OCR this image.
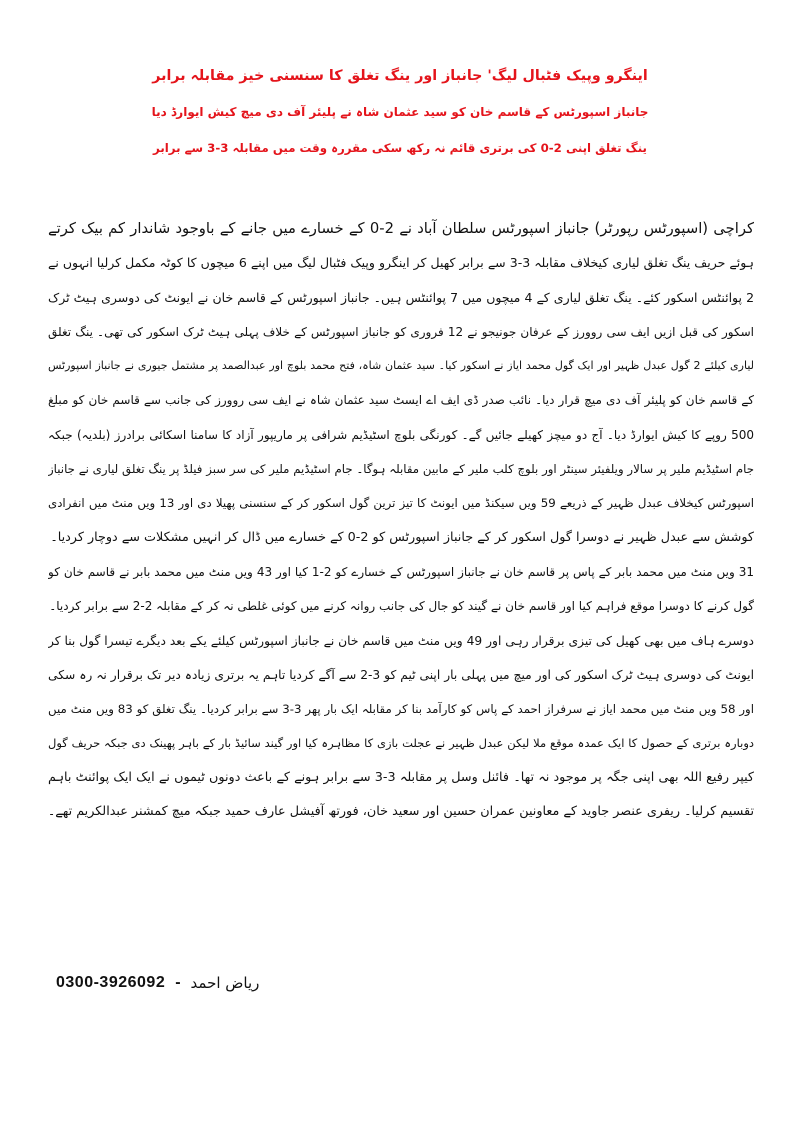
اینگرو وپیک فٹبال لیگ' جانباز اور ینگ تغلق کا سنسنی خیز مقابلہ برابر
جانباز اسپورٹس کے قاسم خان کو سید عثمان شاہ نے پلیئر آف دی میچ کیش ایوارڈ دیا
ینگ تغلق اپنی 2-0 کی برتری قائم نہ رکھ سکی مقررہ وقت میں مقابلہ 3-3 سے برابر
کراچی (اسپورٹس رپورٹر) جانباز اسپورٹس سلطان آباد نے 2-0 کے خسارے میں جانے کے باوجود شاندار کم بیک کرتے
ہوئے حریف ینگ تغلق لیاری کیخلاف مقابلہ 3-3 سے برابر کھیل کر اینگرو وپیک فٹبال لیگ میں اپنے 6 میچوں کا کوٹہ مکمل کرلیا انہوں نے
2 پوائنٹس اسکور کئے۔ ینگ تغلق لیاری کے 4 میچوں میں 7 پوائنٹس ہیں۔ جانباز اسپورٹس کے قاسم خان نے ایونٹ کی دوسری ہیٹ ٹرک
اسکور کی قبل ازیں ایف سی روورز کے عرفان جونیجو نے 12 فروری کو جانباز اسپورٹس کے خلاف پہلی ہیٹ ٹرک اسکور کی تھی۔ ینگ تغلق
لیاری کیلئے 2 گول عبدل ظہیر اور ایک گول محمد ایاز نے اسکور کیا۔ سید عثمان شاہ، فتح محمد بلوچ اور عبدالصمد پر مشتمل جیوری نے جانباز اسپورٹس
کے قاسم خان کو پلیئر آف دی میچ قرار دیا۔ نائب صدر ڈی ایف اے ایسٹ سید عثمان شاہ نے ایف سی روورز کی جانب سے قاسم خان کو مبلغ
500 روپے کا کیش ایوارڈ دیا۔ آج دو میچز کھیلے جائیں گے۔ کورنگی بلوچ اسٹیڈیم شرافی پر ماریپور آزاد کا سامنا اسکائی برادرز (بلدیہ) جبکہ
جام اسٹیڈیم ملیر پر سالار ویلفیئر سینٹر اور بلوچ کلب ملیر کے مابین مقابلہ ہوگا۔ جام اسٹیڈیم ملیر کی سر سبز فیلڈ پر ینگ تغلق لیاری نے جانباز
اسپورٹس کیخلاف عبدل ظہیر کے ذریعے 59 ویں سیکنڈ میں ایونٹ کا تیز ترین گول اسکور کر کے سنسنی پھیلا دی اور 13 ویں منٹ میں انفرادی
کوشش سے عبدل ظہیر نے دوسرا گول اسکور کر کے جانباز اسپورٹس کو 2-0 کے خسارے میں ڈال کر انہیں مشکلات سے دوچار کردیا۔
31 ویں منٹ میں محمد بابر کے پاس پر قاسم خان نے جانباز اسپورٹس کے خسارے کو 2-1 کیا اور 43 ویں منٹ میں محمد بابر نے قاسم خان کو
گول کرنے کا دوسرا موقع فراہم کیا اور قاسم خان نے گیند کو جال کی جانب روانہ کرنے میں کوئی غلطی نہ کر کے مقابلہ 2-2 سے برابر کردیا۔
دوسرے ہاف میں بھی کھیل کی تیزی برقرار رہی اور 49 ویں منٹ میں قاسم خان نے جانباز اسپورٹس کیلئے یکے بعد دیگرے تیسرا گول بنا کر
ایونٹ کی دوسری ہیٹ ٹرک اسکور کی اور میچ میں پہلی بار اپنی ٹیم کو 3-2 سے آگے کردیا تاہم یہ برتری زیادہ دیر تک برقرار نہ رہ سکی
اور 58 ویں منٹ میں محمد ایاز نے سرفراز احمد کے پاس کو کارآمد بنا کر مقابلہ ایک بار پھر 3-3 سے برابر کردیا۔ ینگ تغلق کو 83 ویں منٹ میں
دوبارہ برتری کے حصول کا ایک عمدہ موقع ملا لیکن عبدل ظہیر نے عجلت بازی کا مظاہرہ کیا اور گیند سائیڈ بار کے باہر پھینک دی جبکہ حریف گول
کیپر رفیع اللہ بھی اپنی جگہ پر موجود نہ تھا۔ فائنل وسل پر مقابلہ 3-3 سے برابر ہونے کے باعث دونوں ٹیموں نے ایک ایک پوائنٹ باہم
تقسیم کرلیا۔ ریفری عنصر جاوید کے معاونین عمران حسین اور سعید خان، فورتھ آفیشل عارف حمید جبکہ میچ کمشنر عبدالکریم تھے۔
0300-3926092 - ریاض احمد
